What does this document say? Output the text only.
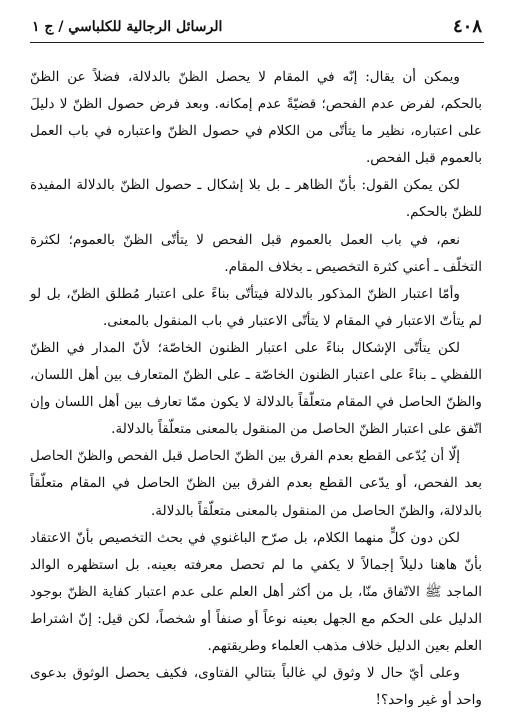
٤٠٨
الرسائل الرجالية للكلباسي / ج ١

ويمكن أن يقال: إنّه في المقام لا يحصل الظنّ بالدلالة، فضلاً عن الظنّ بالحكم، لفرض عدم الفحص؛ قضيّةً عدم إمكانه. وبعد فرض حصول الظنّ لا دليلَ على اعتباره، نظير ما يتأتّى من الكلام في حصول الظنّ واعتباره في باب العمل بالعموم قبل الفحص.

لكن يمكن القول: بأنّ الظاهر ـ بل بلا إشكال ـ حصول الظنّ بالدلالة المفيدة للظنّ بالحكم.

نعم، في باب العمل بالعموم قبل الفحص لا يتأتّى الظنّ بالعموم؛ لكثرة التخلّف ـ أعني كثرة التخصيص ـ بخلاف المقام.

وأمّا اعتبار الظنّ المذكور بالدلالة فيتأتّى بناءً على اعتبار مُطلق الظنّ، بل لو لم يتأتّ الاعتبار في المقام لا يتأتّى الاعتبار في باب المنقول بالمعنى.

لكن يتأتّى الإشكال بناءً على اعتبار الظنون الخاصّة؛ لأنّ المدار في الظنّ اللفظي ـ بناءً على اعتبار الظنون الخاصّة ـ على الظنّ المتعارف بين أهل اللسان، والظنّ الحاصل في المقام متعلّقاً بالدلالة لا يكون ممّا تعارف بين أهل اللسان وإن اتّفق على اعتبار الظنّ الحاصل من المنقول بالمعنى متعلّقاً بالدلالة.

إلّا أن يُدّعى القطع بعدم الفرق بين الظنّ الحاصل قبل الفحص والظنّ الحاصل بعد الفحص، أو يدّعى القطع بعدم الفرق بين الظنّ الحاصل في المقام متعلّقاً بالدلالة، والظنّ الحاصل من المنقول بالمعنى متعلّقاً بالدلالة.

لكن دون كلٍّ منهما الكلام، بل صرّح الباغنوي في بحث التخصيص بأنّ الاعتقاد بأنّ هاهنا دليلاً إجمالاً لا يكفي ما لم تحصل معرفته بعينه. بل استظهره الوالد الماجد ﷺ الاتّفاق منّا، بل من أكثر أهل العلم على عدم اعتبار كفاية الظنّ بوجود الدليل على الحكم مع الجهل بعينه نوعاً أو صنفاً أو شخصاً، لكن قيل: إنّ اشتراط العلم بعين الدليل خلاف مذهب العلماء وطريقتهم.

وعلى أيّ حال لا وثوق لي غالباً بتتالي الفتاوى، فكيف يحصل الوثوق بدعوى واحد أو غير واحد؟!
